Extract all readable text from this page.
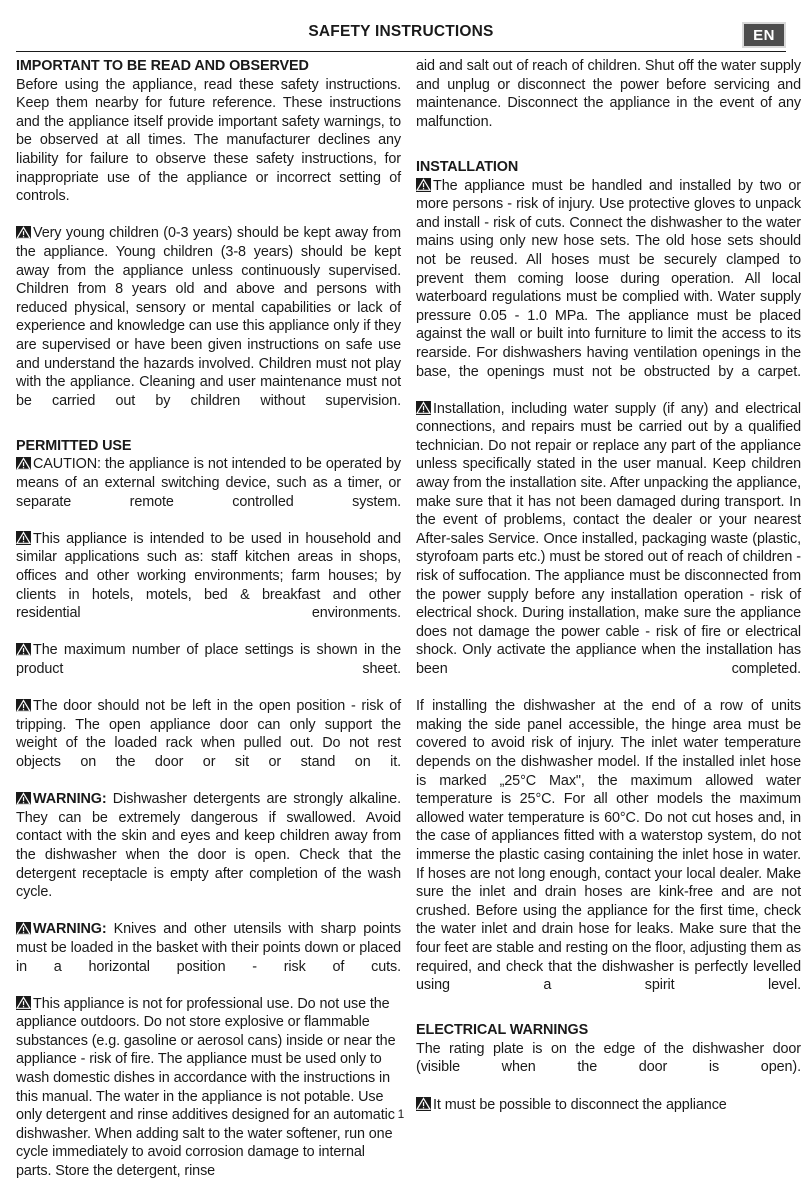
SAFETY INSTRUCTIONS	EN
IMPORTANT TO BE READ AND OBSERVED

Before using the appliance, read these safety instructions. Keep them nearby for future reference. These instructions and the appliance itself provide important safety warnings, to be observed at all times. The manufacturer declines any liability for failure to observe these safety instructions, for inappropriate use of the appliance or incorrect setting of controls.

Very young children (0-3 years) should be kept away from the appliance. Young children (3-8 years) should be kept away from the appliance unless continuously supervised. Children from 8 years old and above and persons with reduced physical, sensory or mental capabilities or lack of experience and knowledge can use this appliance only if they are supervised or have been given instructions on safe use and understand the hazards involved. Children must not play with the appliance. Cleaning and user maintenance must not be carried out by children without supervision.

PERMITTED USE

CAUTION: the appliance is not intended to be operated by means of an external switching device, such as a timer, or separate remote controlled system.

This appliance is intended to be used in household and similar applications such as: staff kitchen areas in shops, offices and other working environments; farm houses; by clients in hotels, motels, bed & breakfast and other residential environments.

The maximum number of place settings is shown in the product sheet.

The door should not be left in the open position - risk of tripping. The open appliance door can only support the weight of the loaded rack when pulled out. Do not rest objects on the door or sit or stand on it.

WARNING: Dishwasher detergents are strongly alkaline. They can be extremely dangerous if swallowed. Avoid contact with the skin and eyes and keep children away from the dishwasher when the door is open. Check that the detergent receptacle is empty after completion of the wash cycle.

WARNING: Knives and other utensils with sharp points must be loaded in the basket with their points down or placed in a horizontal position - risk of cuts.

This appliance is not for professional use. Do not use the appliance outdoors. Do not store explosive or flammable substances (e.g. gasoline or aerosol cans) inside or near the appliance - risk of fire. The appliance must be used only to wash domestic dishes in accordance with the instructions in this manual. The water in the appliance is not potable. Use only detergent and rinse additives designed for an automatic dishwasher. When adding salt to the water softener, run one cycle immediately to avoid corrosion damage to internal parts. Store the detergent, rinse

aid and salt out of reach of children. Shut off the water supply and unplug or disconnect the power before servicing and maintenance. Disconnect the appliance in the event of any malfunction.

INSTALLATION

The appliance must be handled and installed by two or more persons - risk of injury. Use protective gloves to unpack and install - risk of cuts. Connect the dishwasher to the water mains using only new hose sets. The old hose sets should not be reused. All hoses must be securely clamped to prevent them coming loose during operation. All local waterboard regulations must be complied with. Water supply pressure 0.05 - 1.0 MPa. The appliance must be placed against the wall or built into furniture to limit the access to its rearside. For dishwashers having ventilation openings in the base, the openings must not be obstructed by a carpet.

Installation, including water supply (if any) and electrical connections, and repairs must be carried out by a qualified technician. Do not repair or replace any part of the appliance unless specifically stated in the user manual. Keep children away from the installation site. After unpacking the appliance, make sure that it has not been damaged during transport. In the event of problems, contact the dealer or your nearest After-sales Service. Once installed, packaging waste (plastic, styrofoam parts etc.) must be stored out of reach of children - risk of suffocation. The appliance must be disconnected from the power supply before any installation operation - risk of electrical shock. During installation, make sure the appliance does not damage the power cable - risk of fire or electrical shock. Only activate the appliance when the installation has been completed.

If installing the dishwasher at the end of a row of units making the side panel accessible, the hinge area must be covered to avoid risk of injury. The inlet water temperature depends on the dishwasher model. If the installed inlet hose is marked „25°C Max", the maximum allowed water temperature is 25°C. For all other models the maximum allowed water temperature is 60°C. Do not cut hoses and, in the case of appliances fitted with a waterstop system, do not immerse the plastic casing containing the inlet hose in water. If hoses are not long enough, contact your local dealer. Make sure the inlet and drain hoses are kink-free and are not crushed. Before using the appliance for the first time, check the water inlet and drain hose for leaks. Make sure that the four feet are stable and resting on the floor, adjusting them as required, and check that the dishwasher is perfectly levelled using a spirit level.

ELECTRICAL WARNINGS

The rating plate is on the edge of the dishwasher door (visible when the door is open).

It must be possible to disconnect the appliance

1
